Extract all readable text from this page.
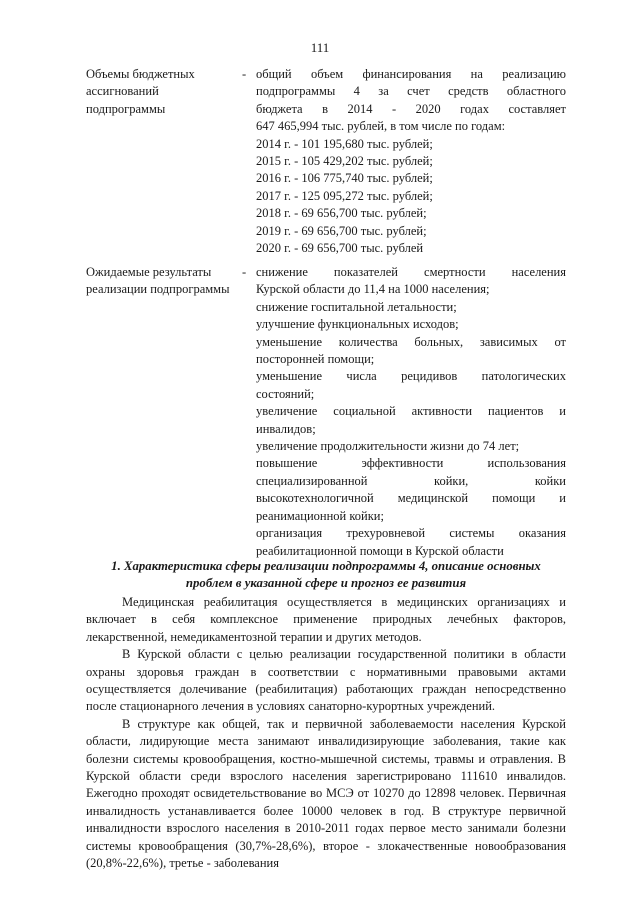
111
Объемы бюджетных ассигнований подпрограммы
- общий объем финансирования на реализацию

подпрограммы 4 за счет средств областного

бюджета в 2014 - 2020 годах составляет

647 465,994 тыс. рублей, в том числе по годам:

2014 г. - 101 195,680 тыс. рублей;

2015 г. - 105 429,202 тыс. рублей;

2016 г. - 106 775,740 тыс. рублей;

2017 г. - 125 095,272 тыс. рублей;

2018 г. - 69 656,700 тыс. рублей;

2019 г. - 69 656,700 тыс. рублей;

2020 г. - 69 656,700 тыс. рублей

Ожидаемые результаты реализации подпрограммы
- снижение показателей смертности населения

Курской области до 11,4 на 1000 населения;

снижение госпитальной летальности;

улучшение функциональных исходов;

уменьшение количества больных, зависимых от

посторонней помощи;

уменьшение числа рецидивов патологических

состояний;

увеличение социальной активности пациентов и

инвалидов;

увеличение продолжительности жизни до 74 лет;

повышение эффективности использования

специализированной койки, койки

высокотехнологичной медицинской помощи и

реанимационной койки;

организация трехуровневой системы оказания

реабилитационной помощи в Курской области

1. Характеристика сферы реализации подпрограммы 4, описание основных
проблем в указанной сфере и прогноз ее развития

Медицинская реабилитация осуществляется в медицинских организациях и включает в себя комплексное применение природных лечебных факторов, лекарственной, немедикаментозной терапии и других методов.

В Курской области с целью реализации государственной политики в области охраны здоровья граждан в соответствии с нормативными правовыми актами осуществляется долечивание (реабилитация) работающих граждан непосредственно после стационарного лечения в условиях санаторно-курортных учреждений.

В структуре как общей, так и первичной заболеваемости населения Курской области, лидирующие места занимают инвалидизирующие заболевания, такие как болезни системы кровообращения, костно-мышечной системы, травмы и отравления. В Курской области среди взрослого населения зарегистрировано 111610 инвалидов. Ежегодно проходят освидетельствование во МСЭ от 10270 до 12898 человек. Первичная инвалидность устанавливается более 10000 человек в год. В структуре первичной инвалидности взрослого населения в 2010-2011 годах первое место занимали болезни системы кровообращения (30,7%-28,6%), второе - злокачественные новообразования (20,8%-22,6%), третье - заболевания
